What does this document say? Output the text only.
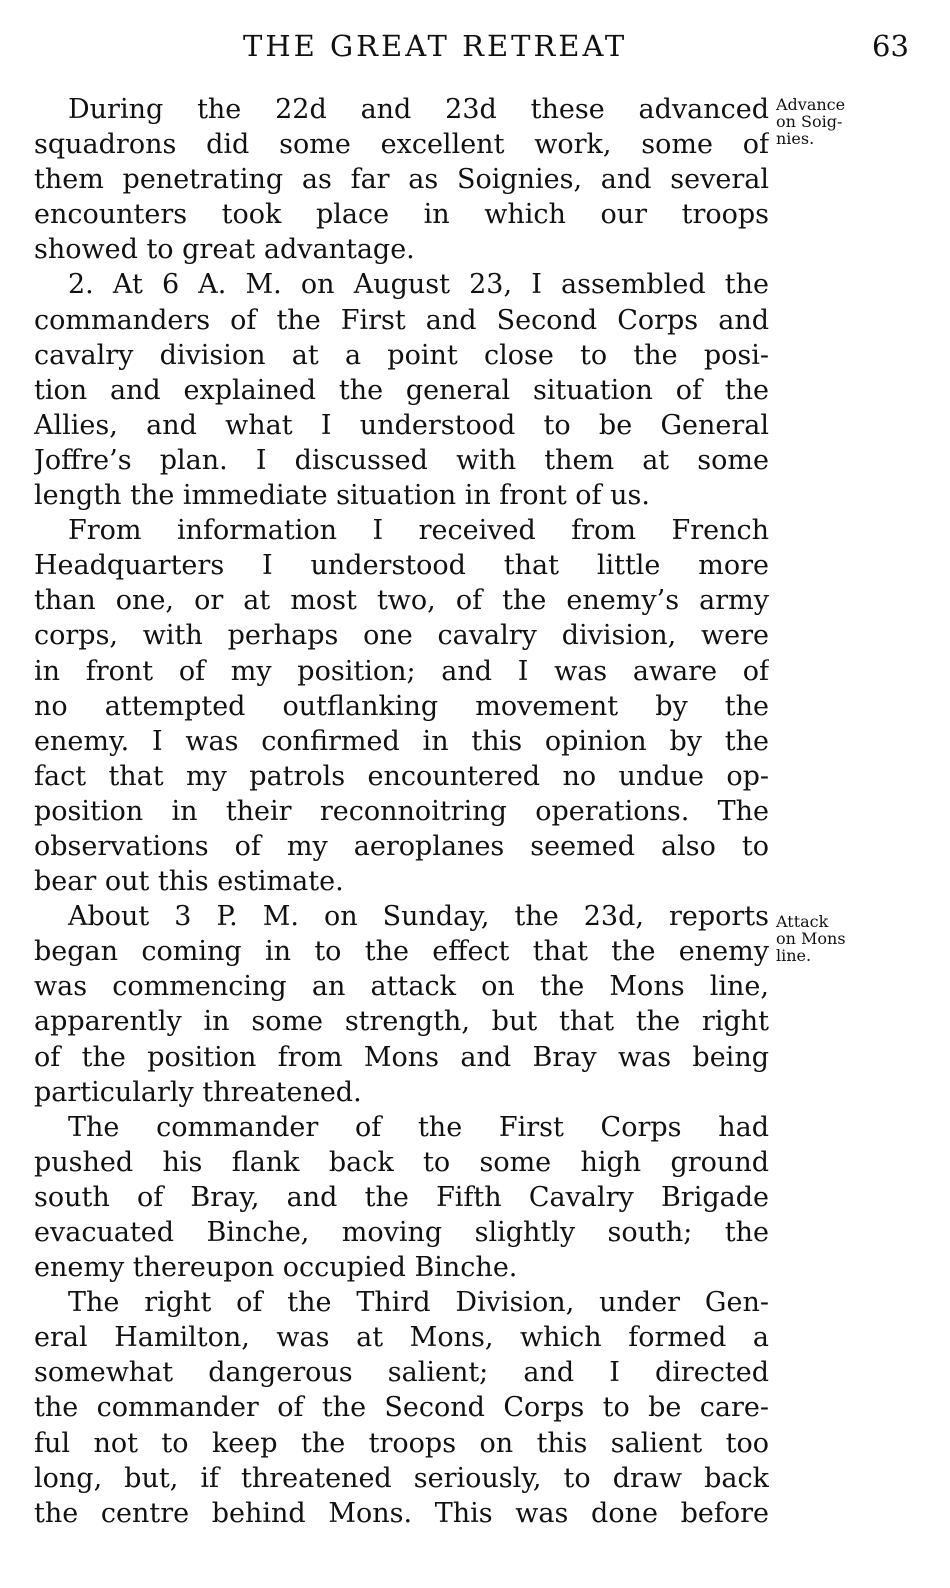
THE GREAT RETREAT	63
During the 22d and 23d these advanced
squadrons did some excellent work, some of
them penetrating as far as Soignies, and several
encounters took place in which our troops
showed to great advantage.
2. At 6 A. M. on August 23, I assembled the
commanders of the First and Second Corps and
cavalry division at a point close to the posi-
tion and explained the general situation of the
Allies, and what I understood to be General
Joffre’s plan. I discussed with them at some
length the immediate situation in front of us.
From information I received from French
Headquarters I understood that little more
than one, or at most two, of the enemy’s army
corps, with perhaps one cavalry division, were
in front of my position; and I was aware of
no attempted outflanking movement by the
enemy. I was confirmed in this opinion by the
fact that my patrols encountered no undue op-
position in their reconnoitring operations. The
observations of my aeroplanes seemed also to
bear out this estimate.
About 3 P. M. on Sunday, the 23d, reports
began coming in to the effect that the enemy
was commencing an attack on the Mons line,
apparently in some strength, but that the right
of the position from Mons and Bray was being
particularly threatened.
The commander of the First Corps had
pushed his flank back to some high ground
south of Bray, and the Fifth Cavalry Brigade
evacuated Binche, moving slightly south; the
enemy thereupon occupied Binche.
The right of the Third Division, under Gen-
eral Hamilton, was at Mons, which formed a
somewhat dangerous salient; and I directed
the commander of the Second Corps to be care-
ful not to keep the troops on this salient too
long, but, if threatened seriously, to draw back
the centre behind Mons. This was done before
Advance
on Soig-
nies.
Attack
on Mons
line.
